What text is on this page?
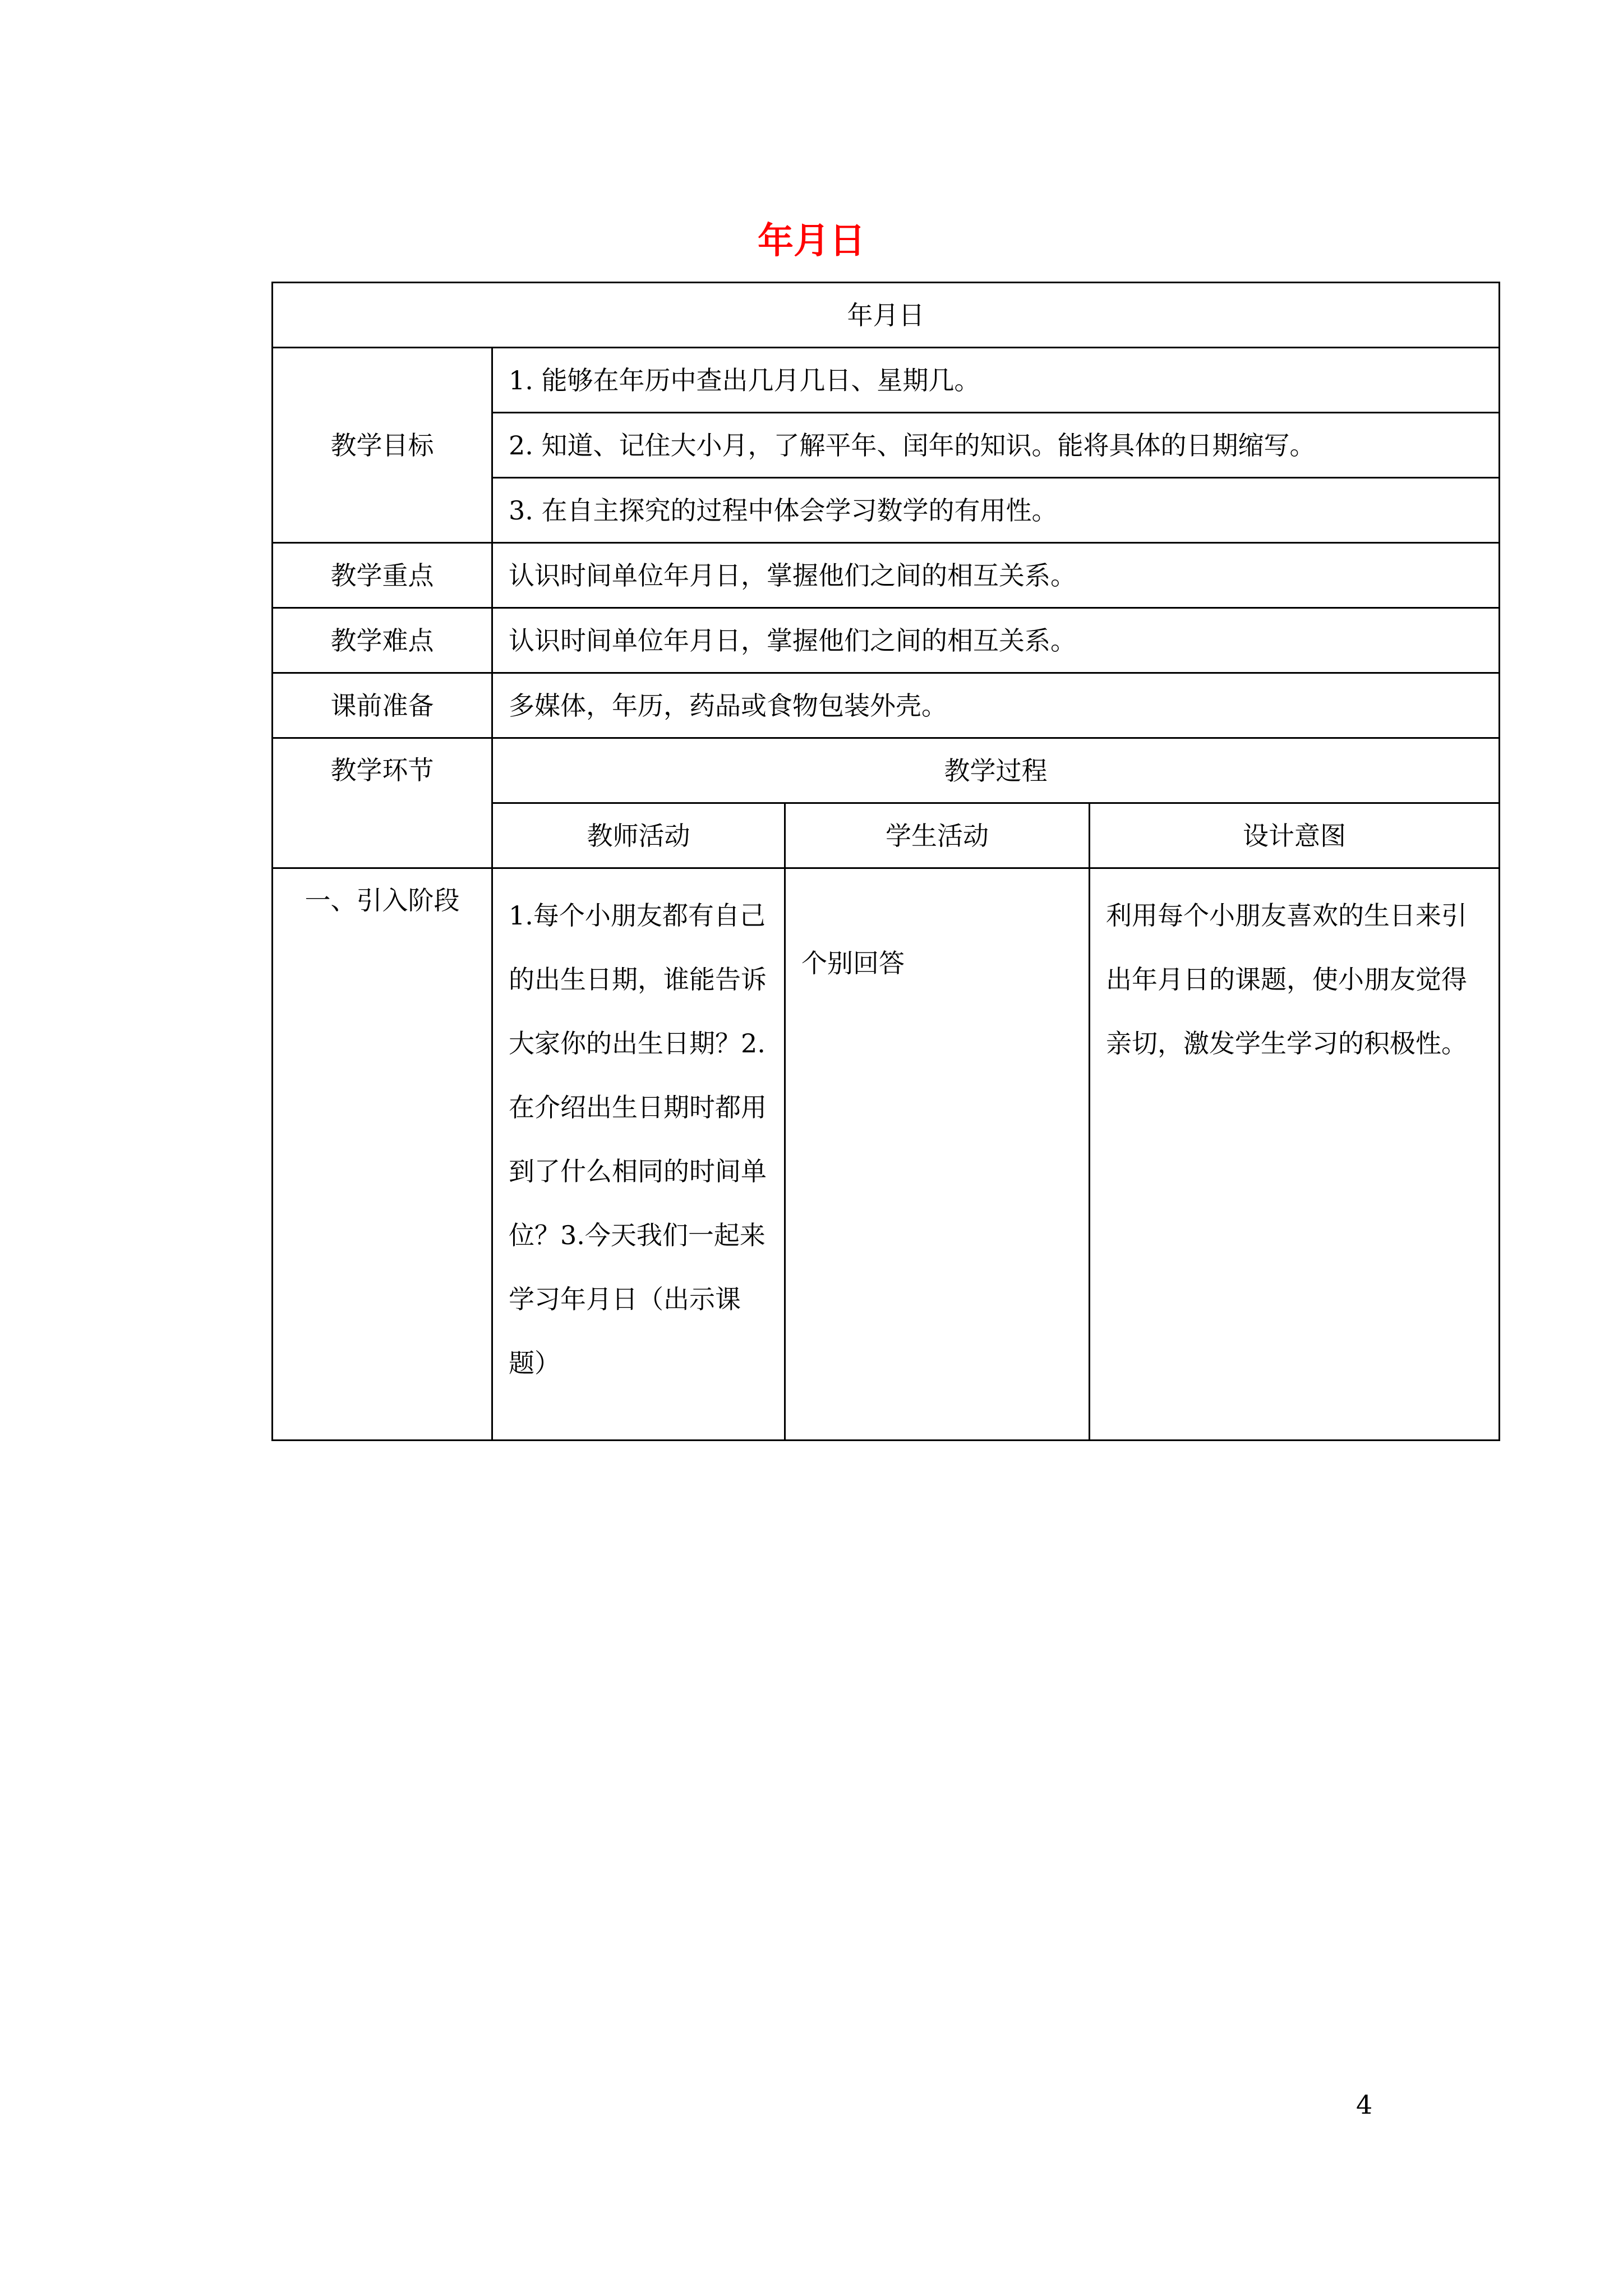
年月日
年月日			
教学目标	1. 能够在年历中查出几月几日、星期几。		
	2. 知道、记住大小月，了解平年、闰年的知识。能将具体的日期缩写。		
	3. 在自主探究的过程中体会学习数学的有用性。		
教学重点	认识时间单位年月日，掌握他们之间的相互关系。		
教学难点	认识时间单位年月日，掌握他们之间的相互关系。		
课前准备	多媒体，年历，药品或食物包装外壳。		
教学环节	教学过程		
	教师活动	学生活动	设计意图
一、引入阶段	1.每个小朋友都有自己的出生日期，谁能告诉大家你的出生日期？2.在介绍出生日期时都用到了什么相同的时间单位？3.今天我们一起来学习年月日（出示课题）	个别回答	利用每个小朋友喜欢的生日来引出年月日的课题，使小朋友觉得亲切，激发学生学习的积极性。
4
